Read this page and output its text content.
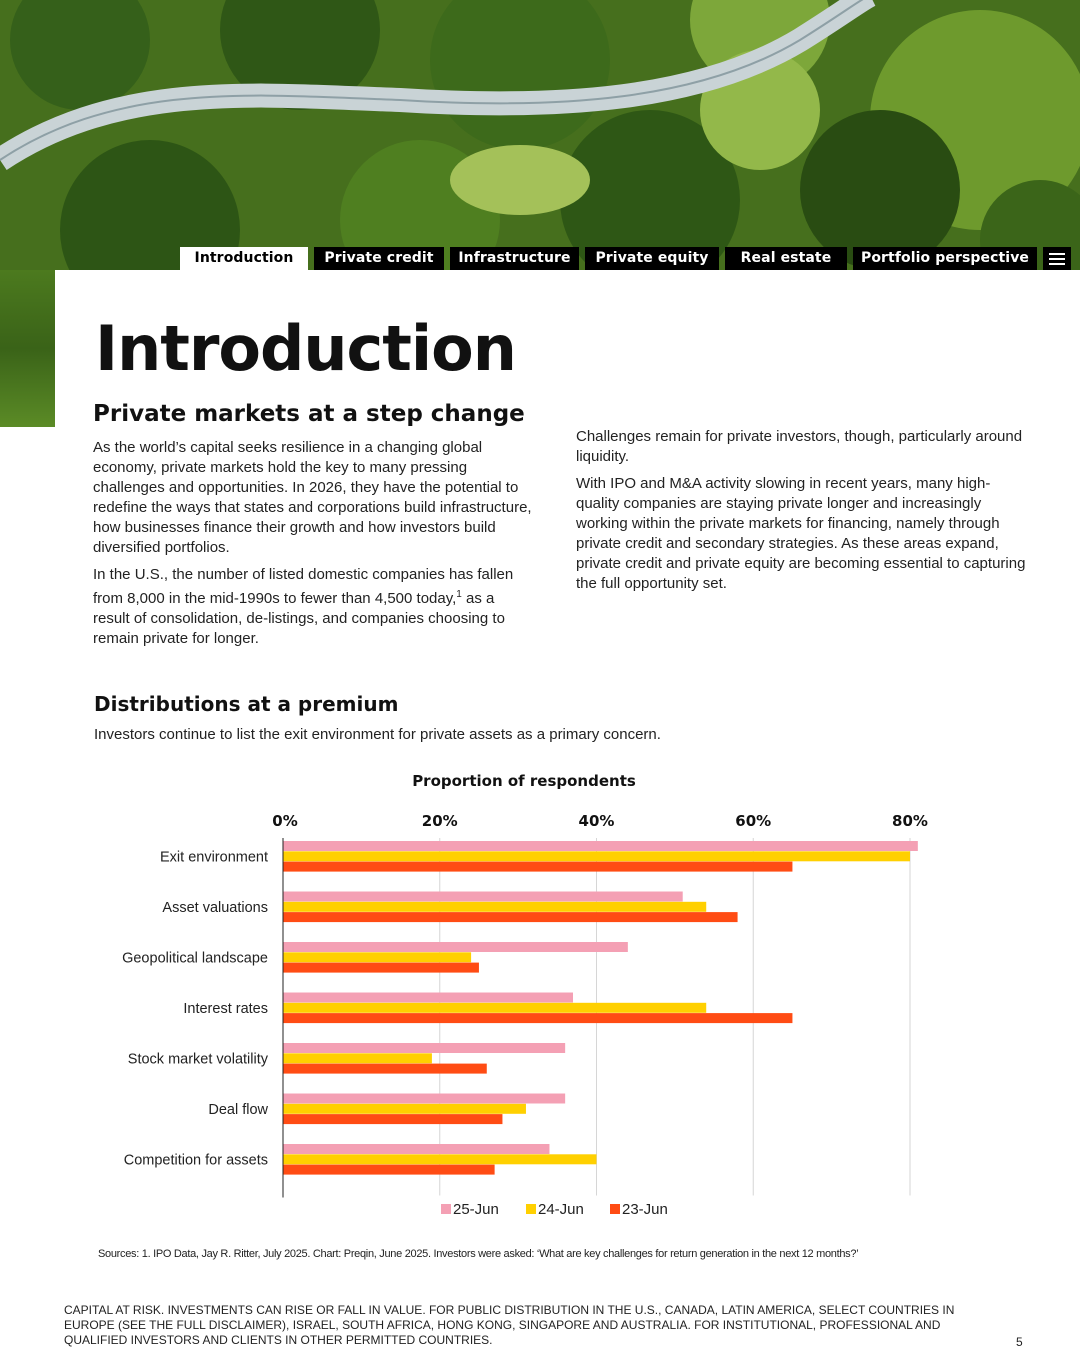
Introduction	Private credit	Infrastructure	Private equity	Real estate	Portfolio perspective
Introduction
Private markets at a step change

As the world’s capital seeks resilience in a changing global economy, private markets hold the key to many pressing challenges and opportunities. In 2026, they have the potential to redefine the ways that states and corporations build infrastructure, how businesses finance their growth and how investors build diversified portfolios.

In the U.S., the number of listed domestic companies has fallen from 8,000 in the mid-1990s to fewer than 4,500 today,$^1$ as a result of consolidation, de-listings, and companies choosing to remain private for longer.

Challenges remain for private investors, though, particularly around liquidity.

With IPO and M&A activity slowing in recent years, many high-quality companies are staying private longer and increasingly working within the private markets for financing, namely through private credit and secondary strategies. As these areas expand, private credit and private equity are becoming essential to capturing the full opportunity set.

Distributions at a premium
Investors continue to list the exit environment for private assets as a primary concern.
Proportion of respondents
0%	20%	40%	60%	80%
Exit environment
Asset valuations
Geopolitical landscape
Interest rates
Stock market volatility
Deal flow
Competition for assets
25-Jun	24-Jun	23-Jun
Sources: 1. IPO Data, Jay R. Ritter, July 2025. Chart: Preqin, June 2025. Investors were asked: ‘What are key challenges for return generation in the next 12 months?’
CAPITAL AT RISK. INVESTMENTS CAN RISE OR FALL IN VALUE. FOR PUBLIC DISTRIBUTION IN THE U.S., CANADA, LATIN AMERICA, SELECT COUNTRIES IN EUROPE (SEE THE FULL DISCLAIMER), ISRAEL, SOUTH AFRICA, HONG KONG, SINGAPORE AND AUSTRALIA. FOR INSTITUTIONAL, PROFESSIONAL AND QUALIFIED INVESTORS AND CLIENTS IN OTHER PERMITTED COUNTRIES.	5
